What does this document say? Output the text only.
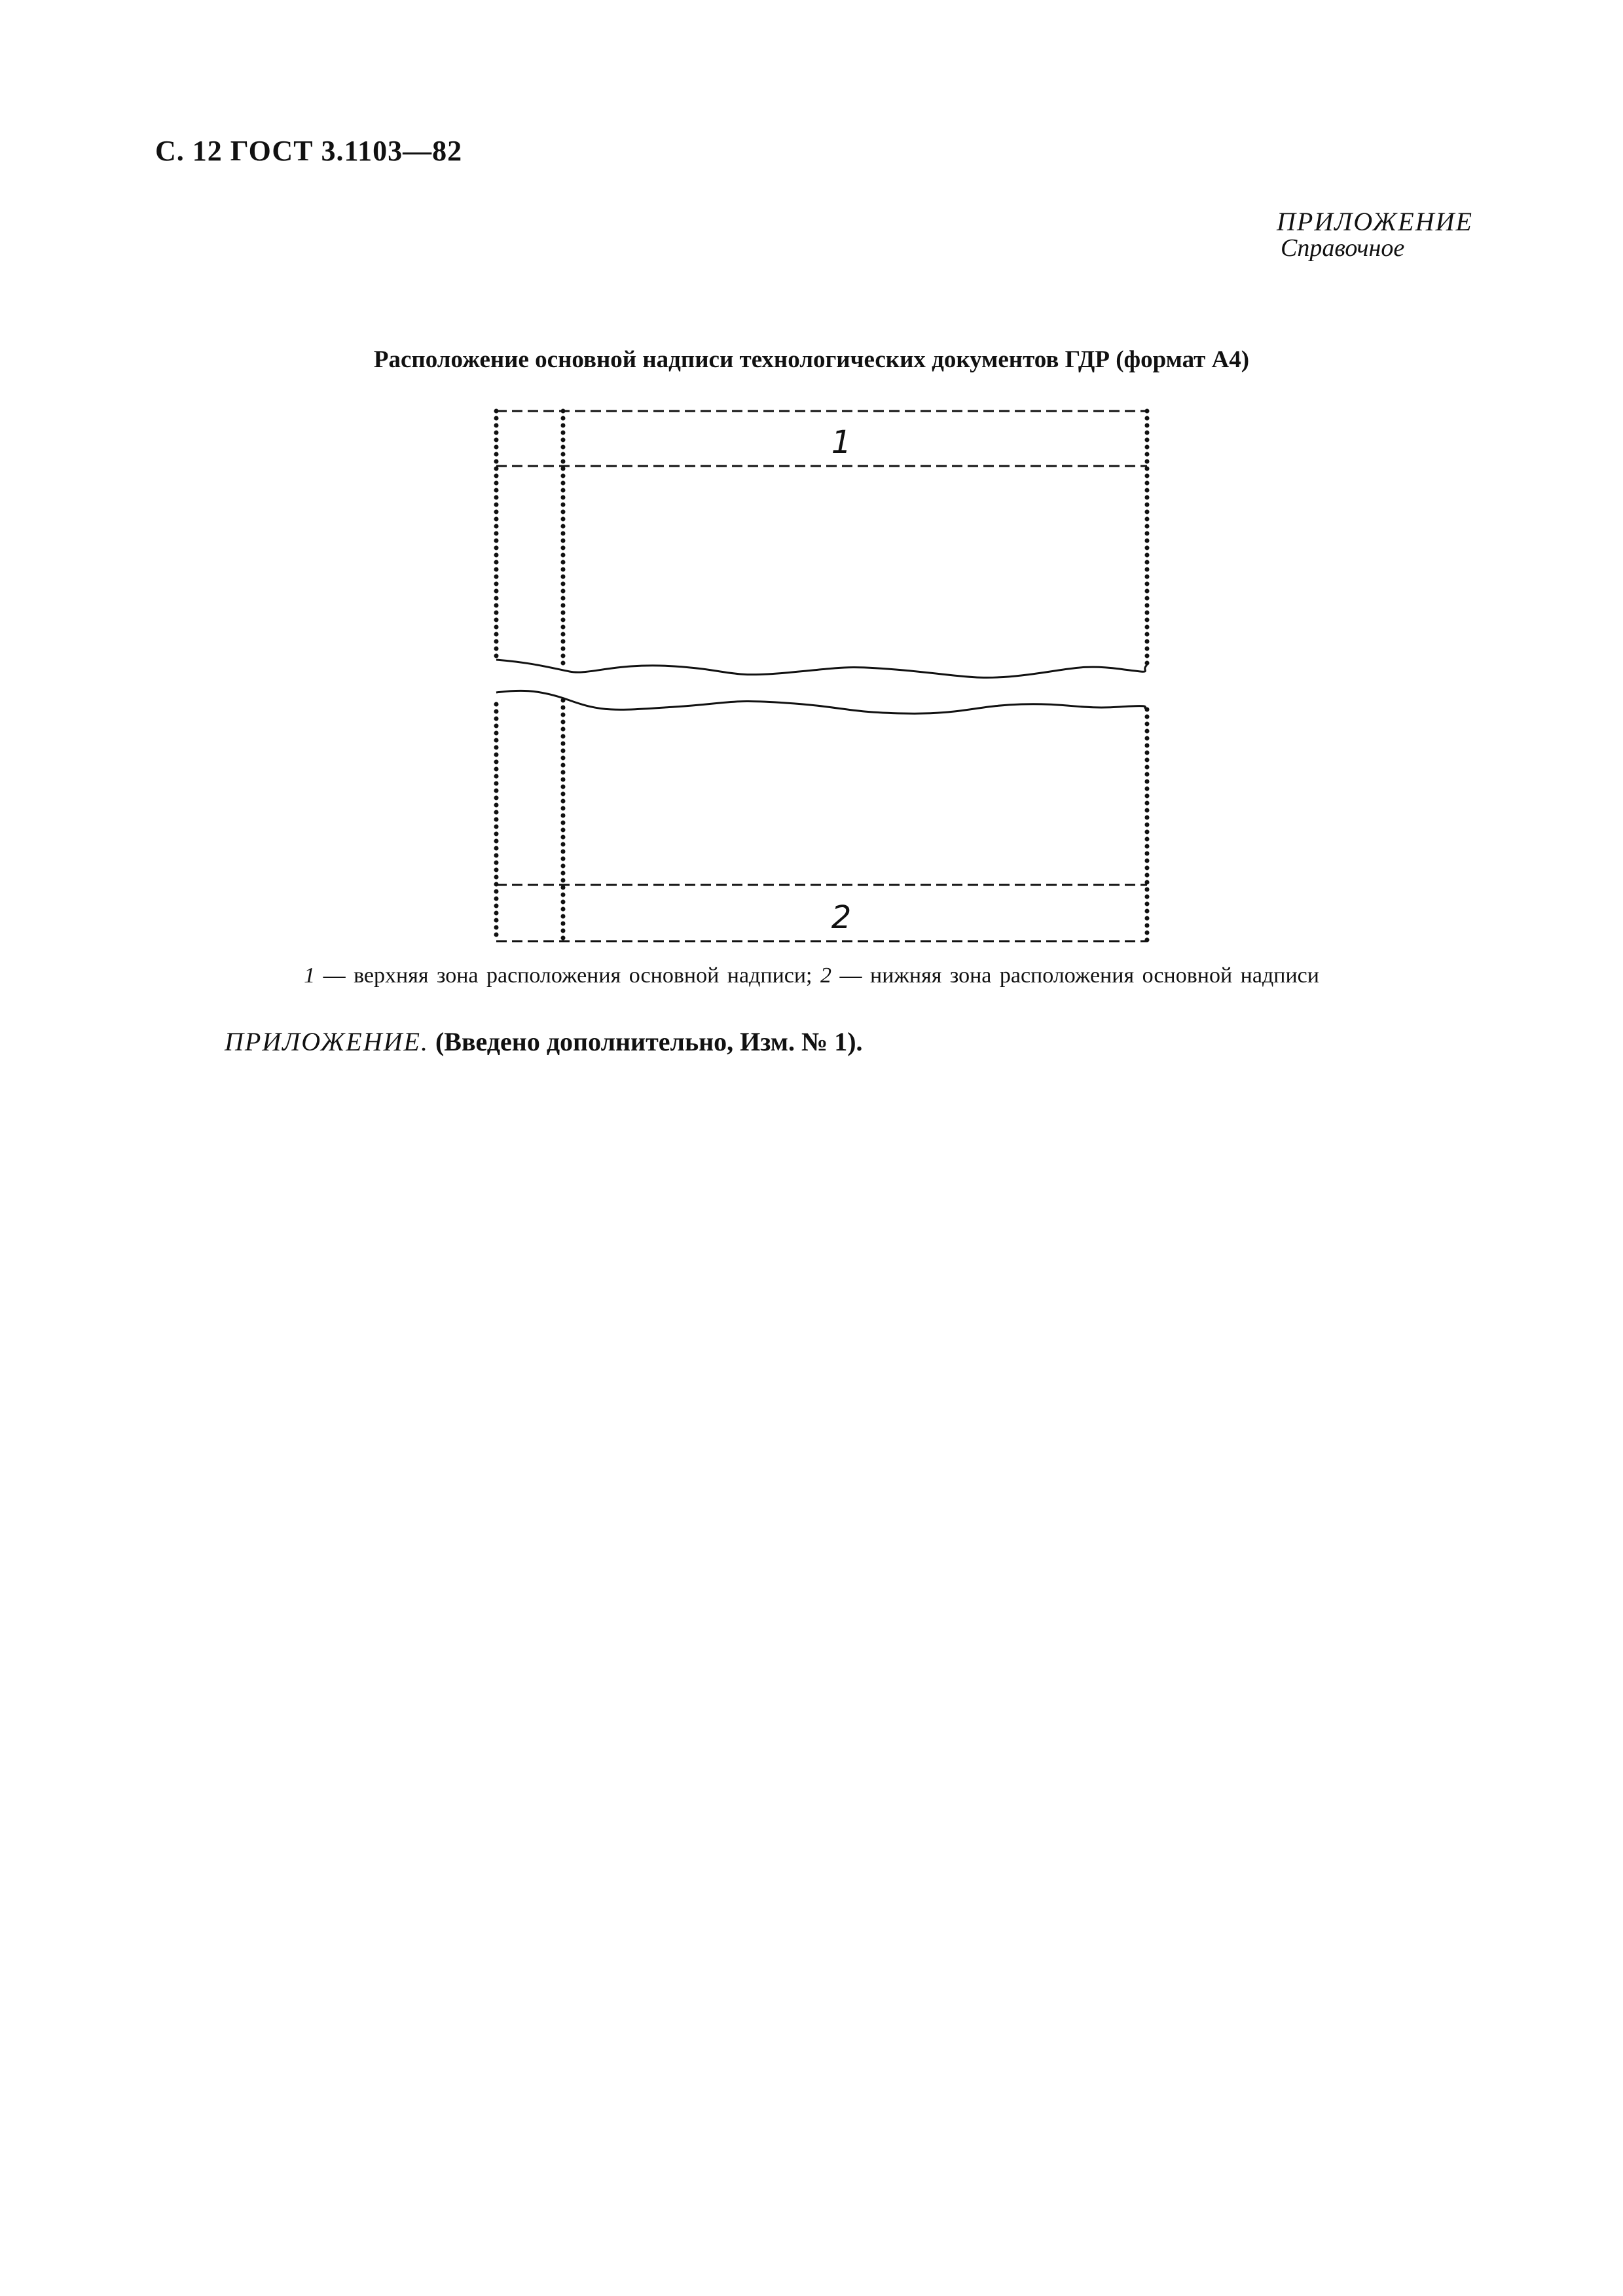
С. 12 ГОСТ 3.1103—82
ПРИЛОЖЕНИЕ
Справочное
Расположение основной надписи технологических документов ГДР (формат А4)
1
2
1 — верхняя зона расположения основной надписи; 2 — нижняя зона расположения основной надписи
ПРИЛОЖЕНИЕ. (Введено дополнительно, Изм. № 1).
